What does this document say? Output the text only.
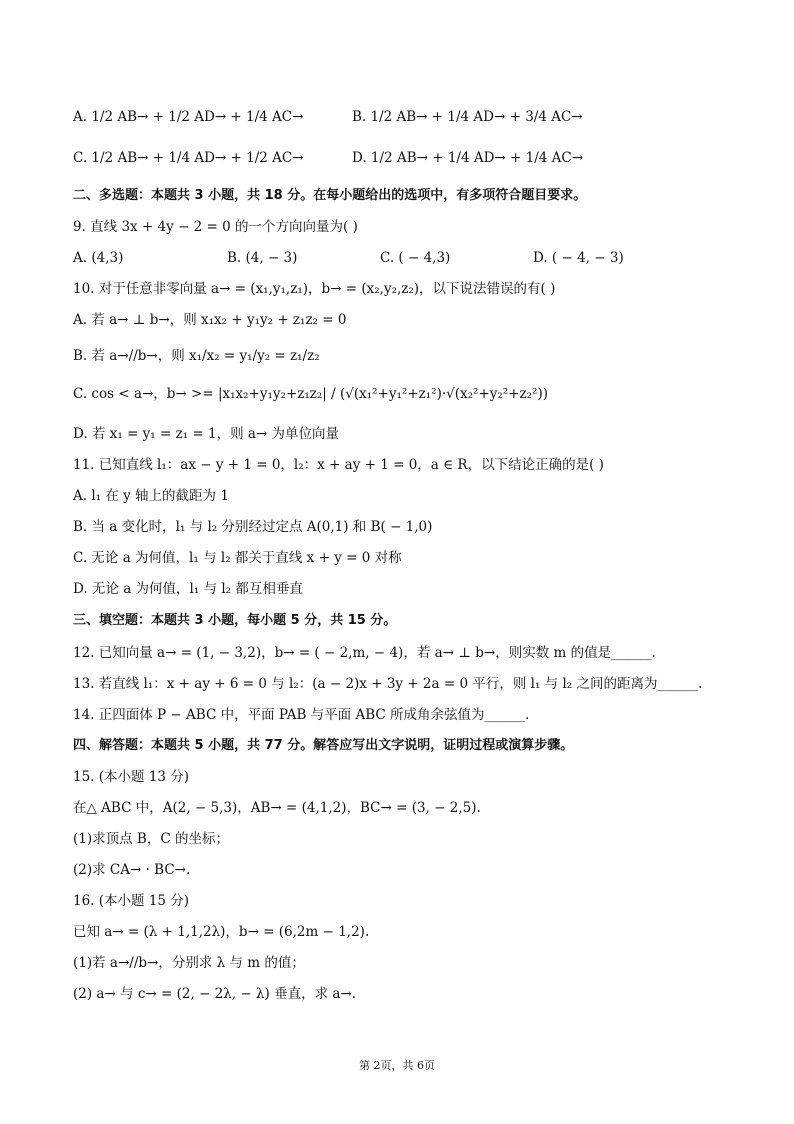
A. 1/2 AB→ + 1/2 AD→ + 1/4 AC→	B. 1/2 AB→ + 1/4 AD→ + 3/4 AC→
C. 1/2 AB→ + 1/4 AD→ + 1/2 AC→	D. 1/2 AB→ + 1/4 AD→ + 1/4 AC→
二、多选题：本题共 3 小题，共 18 分。在每小题给出的选项中，有多项符合题目要求。
9. 直线 3x + 4y − 2 = 0 的一个方向向量为( )
A. (4,3)	B. (4, − 3)	C. ( − 4,3)	D. ( − 4, − 3)
10. 对于任意非零向量 a→ = (x₁,y₁,z₁)，b→ = (x₂,y₂,z₂)，以下说法错误的有( )
A. 若 a→ ⊥ b→，则 x₁x₂ + y₁y₂ + z₁z₂ = 0
B. 若 a→//b→，则 x₁/x₂ = y₁/y₂ = z₁/z₂
C. cos < a→，b→ >= |x₁x₂+y₁y₂+z₁z₂| / (√(x₁²+y₁²+z₁²)·√(x₂²+y₂²+z₂²))
D. 若 x₁ = y₁ = z₁ = 1，则 a→ 为单位向量
11. 已知直线 l₁：ax − y + 1 = 0，l₂：x + ay + 1 = 0，a ∈ R，以下结论正确的是( )
A. l₁ 在 y 轴上的截距为 1
B. 当 a 变化时，l₁ 与 l₂ 分别经过定点 A(0,1) 和 B( − 1,0)
C. 无论 a 为何值，l₁ 与 l₂ 都关于直线 x + y = 0 对称
D. 无论 a 为何值，l₁ 与 l₂ 都互相垂直
三、填空题：本题共 3 小题，每小题 5 分，共 15 分。
12. 已知向量 a→ = (1, − 3,2)，b→ = ( − 2,m, − 4)，若 a→ ⊥ b→，则实数 m 的值是______.
13. 若直线 l₁：x + ay + 6 = 0 与 l₂：(a − 2)x + 3y + 2a = 0 平行，则 l₁ 与 l₂ 之间的距离为______.
14. 正四面体 P − ABC 中，平面 PAB 与平面 ABC 所成角余弦值为______.
四、解答题：本题共 5 小题，共 77 分。解答应写出文字说明，证明过程或演算步骤。
15. (本小题 13 分)
在△ ABC 中，A(2, − 5,3)，AB→ = (4,1,2)，BC→ = (3, − 2,5).
(1)求顶点 B，C 的坐标；
(2)求 CA→ · BC→.
16. (本小题 15 分)
已知 a→ = (λ + 1,1,2λ)，b→ = (6,2m − 1,2).
(1)若 a→//b→，分别求 λ 与 m 的值；
(2) a→ 与 c→ = (2, − 2λ, − λ) 垂直，求 a→.
第 2页，共 6页
